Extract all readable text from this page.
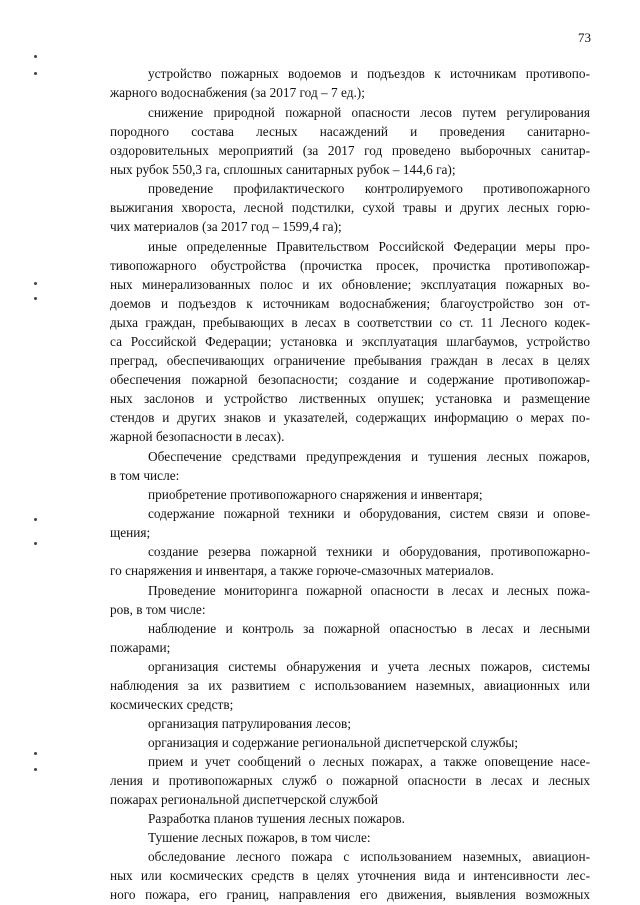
73
устройство пожарных водоемов и подъездов к источникам противопо-
жарного водоснабжения (за 2017 год – 7 ед.);
снижение природной пожарной опасности лесов путем регулирования
породного состава лесных насаждений и проведения санитарно-
оздоровительных мероприятий (за 2017 год проведено выборочных санитар-
ных рубок 550,3 га, сплошных санитарных рубок – 144,6 га);
проведение профилактического контролируемого противопожарного
выжигания хвороста, лесной подстилки, сухой травы и других лесных горю-
чих материалов (за 2017 год – 1599,4 га);
иные определенные Правительством Российской Федерации меры про-
тивопожарного обустройства (прочистка просек, прочистка противопожар-
ных минерализованных полос и их обновление; эксплуатация пожарных во-
доемов и подъездов к источникам водоснабжения; благоустройство зон от-
дыха граждан, пребывающих в лесах в соответствии со ст. 11 Лесного кодек-
са Российской Федерации; установка и эксплуатация шлагбаумов, устройство
преград, обеспечивающих ограничение пребывания граждан в лесах в целях
обеспечения пожарной безопасности; создание и содержание противопожар-
ных заслонов и устройство лиственных опушек; установка и размещение
стендов и других знаков и указателей, содержащих информацию о мерах по-
жарной безопасности в лесах).
Обеспечение средствами предупреждения и тушения лесных пожаров,
в том числе:
приобретение противопожарного снаряжения и инвентаря;
содержание пожарной техники и оборудования, систем связи и опове-
щения;
создание резерва пожарной техники и оборудования, противопожарно-
го снаряжения и инвентаря, а также горюче-смазочных материалов.
Проведение мониторинга пожарной опасности в лесах и лесных пожа-
ров, в том числе:
наблюдение и контроль за пожарной опасностью в лесах и лесными
пожарами;
организация системы обнаружения и учета лесных пожаров, системы
наблюдения за их развитием с использованием наземных, авиационных или
космических средств;
организация патрулирования лесов;
организация и содержание региональной диспетчерской службы;
прием и учет сообщений о лесных пожарах, а также оповещение насе-
ления и противопожарных служб о пожарной опасности в лесах и лесных
пожарах региональной диспетчерской службой
Разработка планов тушения лесных пожаров.
Тушение лесных пожаров, в том числе:
обследование лесного пожара с использованием наземных, авиацион-
ных или космических средств в целях уточнения вида и интенсивности лес-
ного пожара, его границ, направления его движения, выявления возможных
